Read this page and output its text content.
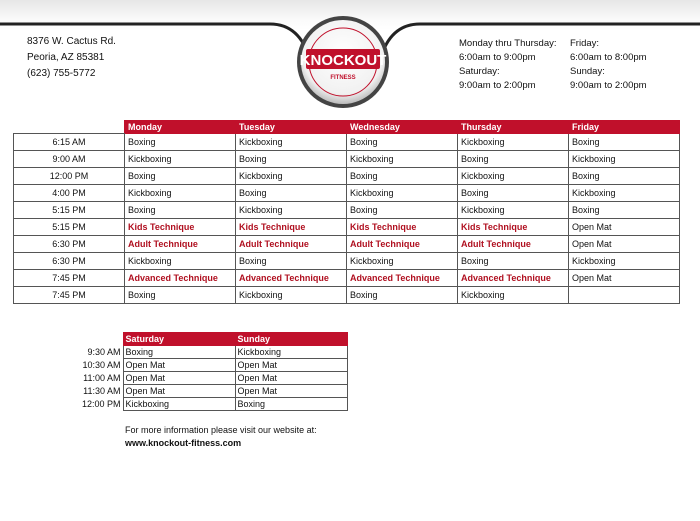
8376 W. Cactus Rd.
Peoria, AZ 85381
(623) 755-5772
KNOCKOUT
FITNESS
Monday thru Thursday:
6:00am to 9:00pm
Saturday:
9:00am to 2:00pm
Friday:
6:00am to 8:00pm
Sunday:
9:00am to 2:00pm
	Monday	Tuesday	Wednesday	Thursday	Friday
6:15 AM	Boxing	Kickboxing	Boxing	Kickboxing	Boxing
9:00 AM	Kickboxing	Boxing	Kickboxing	Boxing	Kickboxing
12:00 PM	Boxing	Kickboxing	Boxing	Kickboxing	Boxing
4:00 PM	Kickboxing	Boxing	Kickboxing	Boxing	Kickboxing
5:15 PM	Boxing	Kickboxing	Boxing	Kickboxing	Boxing
5:15 PM	Kids Technique	Kids Technique	Kids Technique	Kids Technique	Open Mat
6:30 PM	Adult Technique	Adult Technique	Adult Technique	Adult Technique	Open Mat
6:30 PM	Kickboxing	Boxing	Kickboxing	Boxing	Kickboxing
7:45 PM	Advanced Technique	Advanced Technique	Advanced Technique	Advanced Technique	Open Mat
7:45 PM	Boxing	Kickboxing	Boxing	Kickboxing	
	Saturday	Sunday
9:30 AM	Boxing	Kickboxing
10:30 AM	Open Mat	Open Mat
11:00 AM	Open Mat	Open Mat
11:30 AM	Open Mat	Open Mat
12:00 PM	Kickboxing	Boxing
For more information please visit our website at:
www.knockout-fitness.com
